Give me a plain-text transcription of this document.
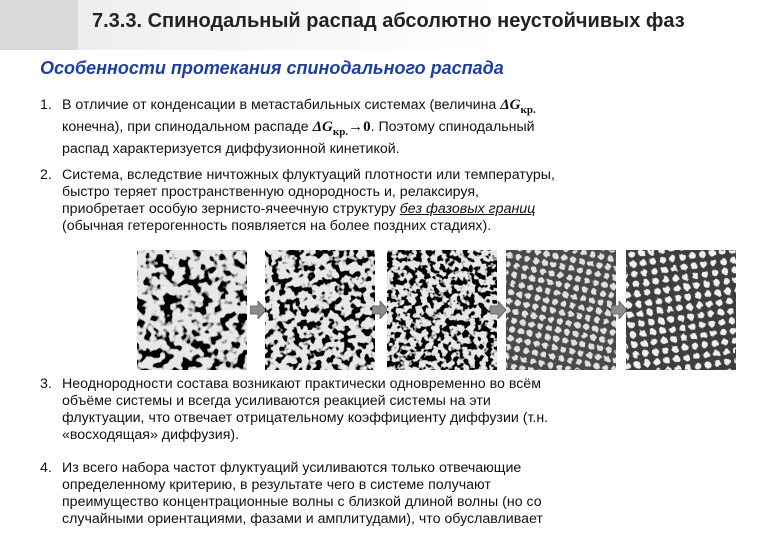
7.3.3. Спинодальный распад абсолютно неустойчивых фаз
Особенности протекания спинодального распада
1. В отличие от конденсации в метастабильных системах (величина $\Delta G_{кр.}$
конечна), при спинодальном распаде $\Delta G_{кр.}\to 0$. Поэтому спинодальный
распад характеризуется диффузионной кинетикой.
2. Система, вследствие ничтожных флуктуаций плотности или температуры,
быстро теряет пространственную однородность и, релаксируя,
приобретает особую зернисто-ячеечную структуру без фазовых границ
(обычная гетерогенность появляется на более поздних стадиях).
3. Неоднородности состава возникают практически одновременно во всём
объёме системы и всегда усиливаются реакцией системы на эти
флуктуации, что отвечает отрицательному коэффициенту диффузии (т.н.
«восходящая» диффузия).
4. Из всего набора частот флуктуаций усиливаются только отвечающие
определенному критерию, в результате чего в системе получают
преимущество концентрационные волны с близкой длиной волны (но со
случайными ориентациями, фазами и амплитудами), что обуславливает
